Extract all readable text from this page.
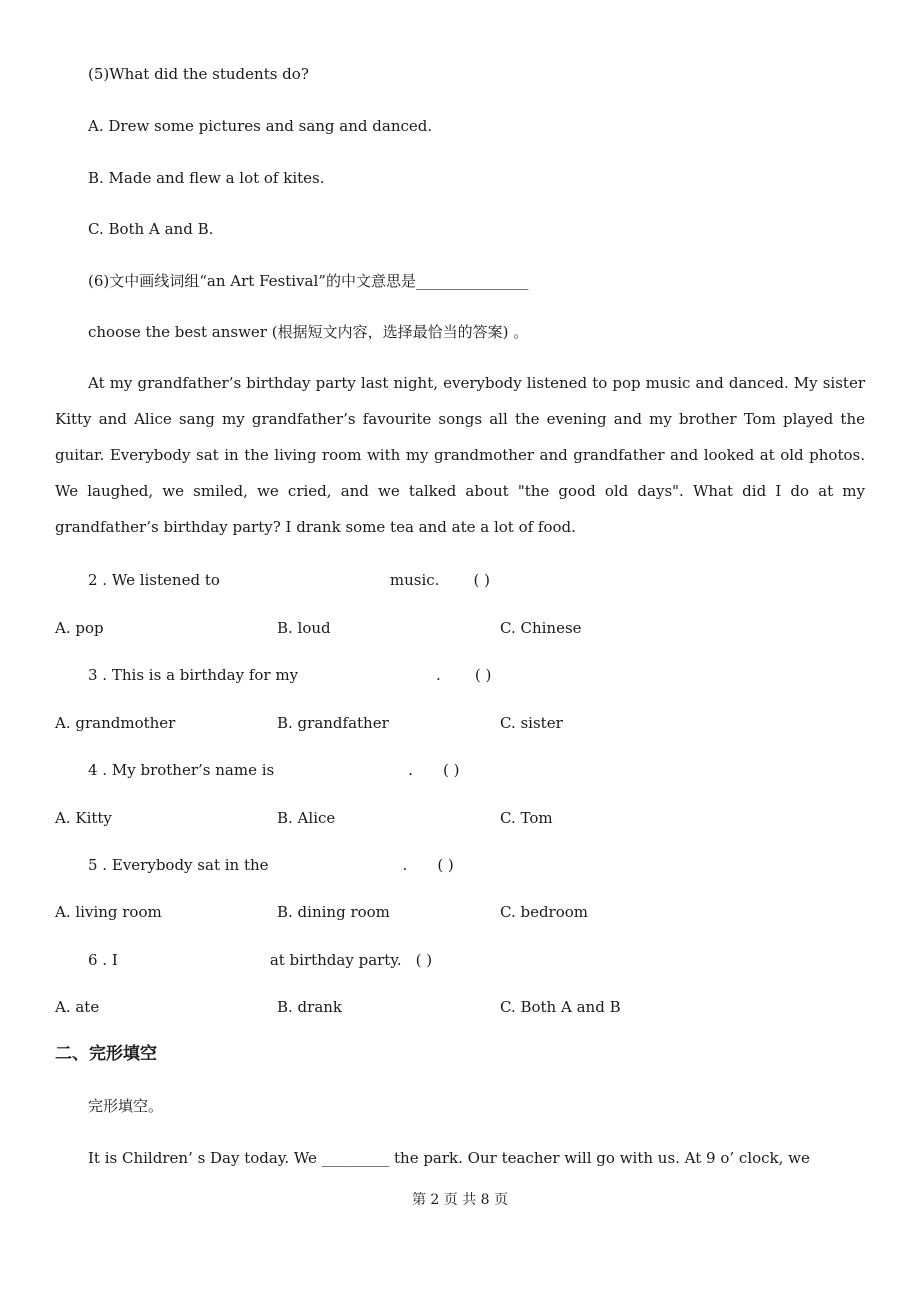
(5)What did the students do?
A. Drew some pictures and sang and danced.
B. Made and flew a lot of kites.
C. Both A and B.
(6)文中画线词组“an Art Festival”的中文意思是_______________
choose the best answer (根据短文内容，选择最恰当的答案) 。
At my grandfather’s birthday party last night, everybody listened to pop music and danced. My sister Kitty and Alice sang my grandfather’s favourite songs all the evening and my brother Tom played the guitar. Everybody sat in the living room with my grandmother and grandfather and looked at old photos. We laughed, we smiled, we cried, and we talked about "the good old days". What did I do at my grandfather’s birthday party? I drank some tea and ate a lot of food.
2 . We listened to	music. ( )
A. pop	B. loud	C. Chinese
3 . This is a birthday for my	. ( )
A. grandmother	B. grandfather	C. sister
4 . My brother’s name is	. ( )
A. Kitty	B. Alice	C. Tom
5 . Everybody sat in the	. ( )
A. living room	B. dining room	C. bedroom
6 . I	at birthday party. ( )
A. ate	B. drank	C. Both A and B
二、完形填空
完形填空。
It is Children’ s Day today. We _________ the park. Our teacher will go with us. At 9 o’ clock, we
第 2 页 共 8 页
